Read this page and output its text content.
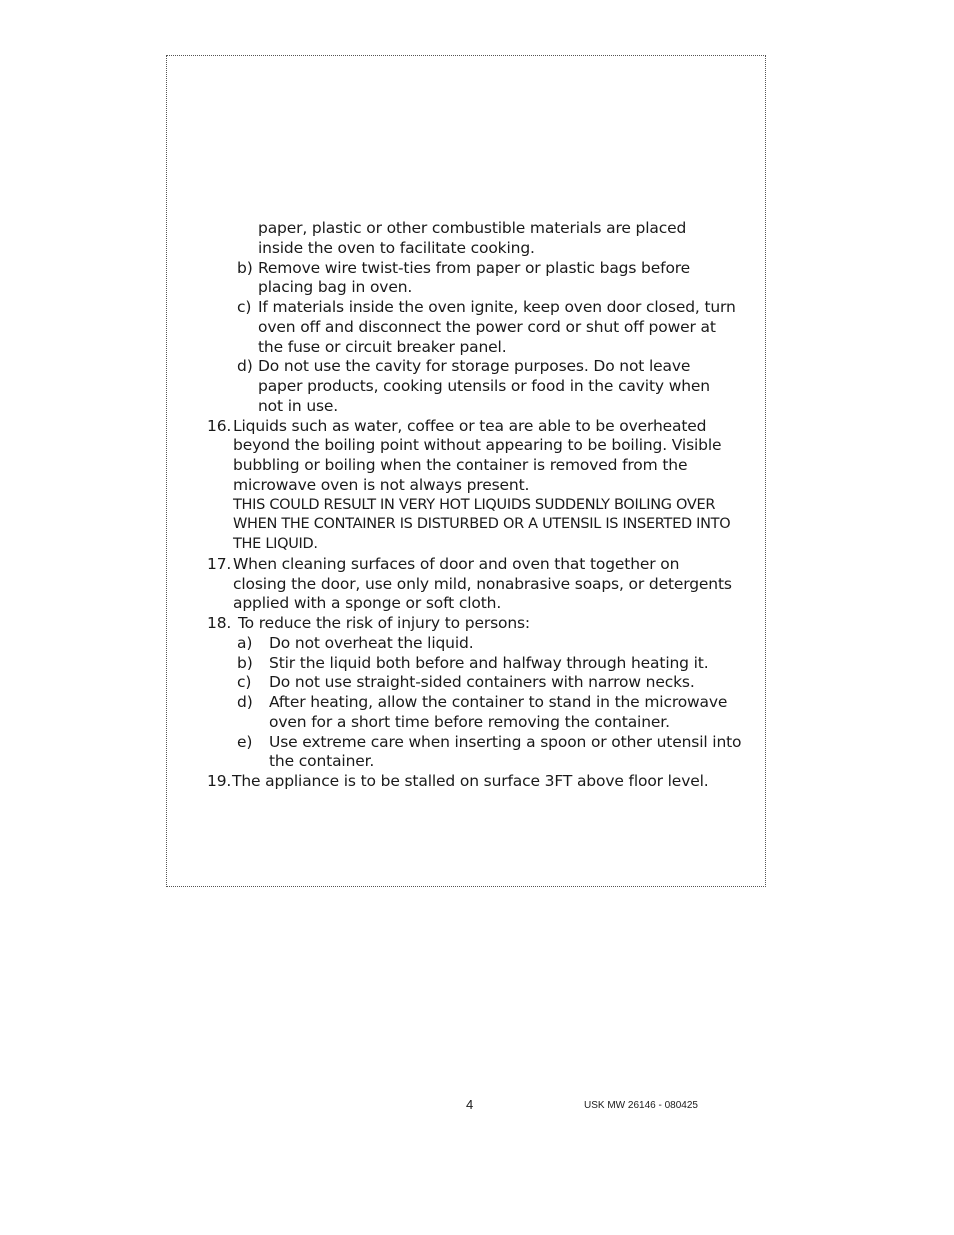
paper, plastic or other combustible materials are placed
inside the oven to facilitate cooking.
b) Remove wire twist-ties from paper or plastic bags before
placing bag in oven.
c) If materials inside the oven ignite, keep oven door closed, turn
oven off and disconnect the power cord or shut off power at
the fuse or circuit breaker panel.
d) Do not use the cavity for storage purposes. Do not leave
paper products, cooking utensils or food in the cavity when
not in use.
16. Liquids such as water, coffee or tea are able to be overheated
beyond the boiling point without appearing to be boiling. Visible
bubbling or boiling when the container is removed from the
microwave oven is not always present.
THIS COULD RESULT IN VERY HOT LIQUIDS SUDDENLY BOILING OVER
WHEN THE CONTAINER IS DISTURBED OR A UTENSIL IS INSERTED INTO
THE LIQUID.
17. When cleaning surfaces of door and oven that together on
closing the door, use only mild, nonabrasive soaps, or detergents
applied with a sponge or soft cloth.
18. To reduce the risk of injury to persons:
a) Do not overheat the liquid.
b) Stir the liquid both before and halfway through heating it.
c) Do not use straight-sided containers with narrow necks.
d) After heating, allow the container to stand in the microwave
oven for a short time before removing the container.
e) Use extreme care when inserting a spoon or other utensil into
the container.
19. The appliance is to be stalled on surface 3FT above floor level.
4	USK MW 26146 - 080425
